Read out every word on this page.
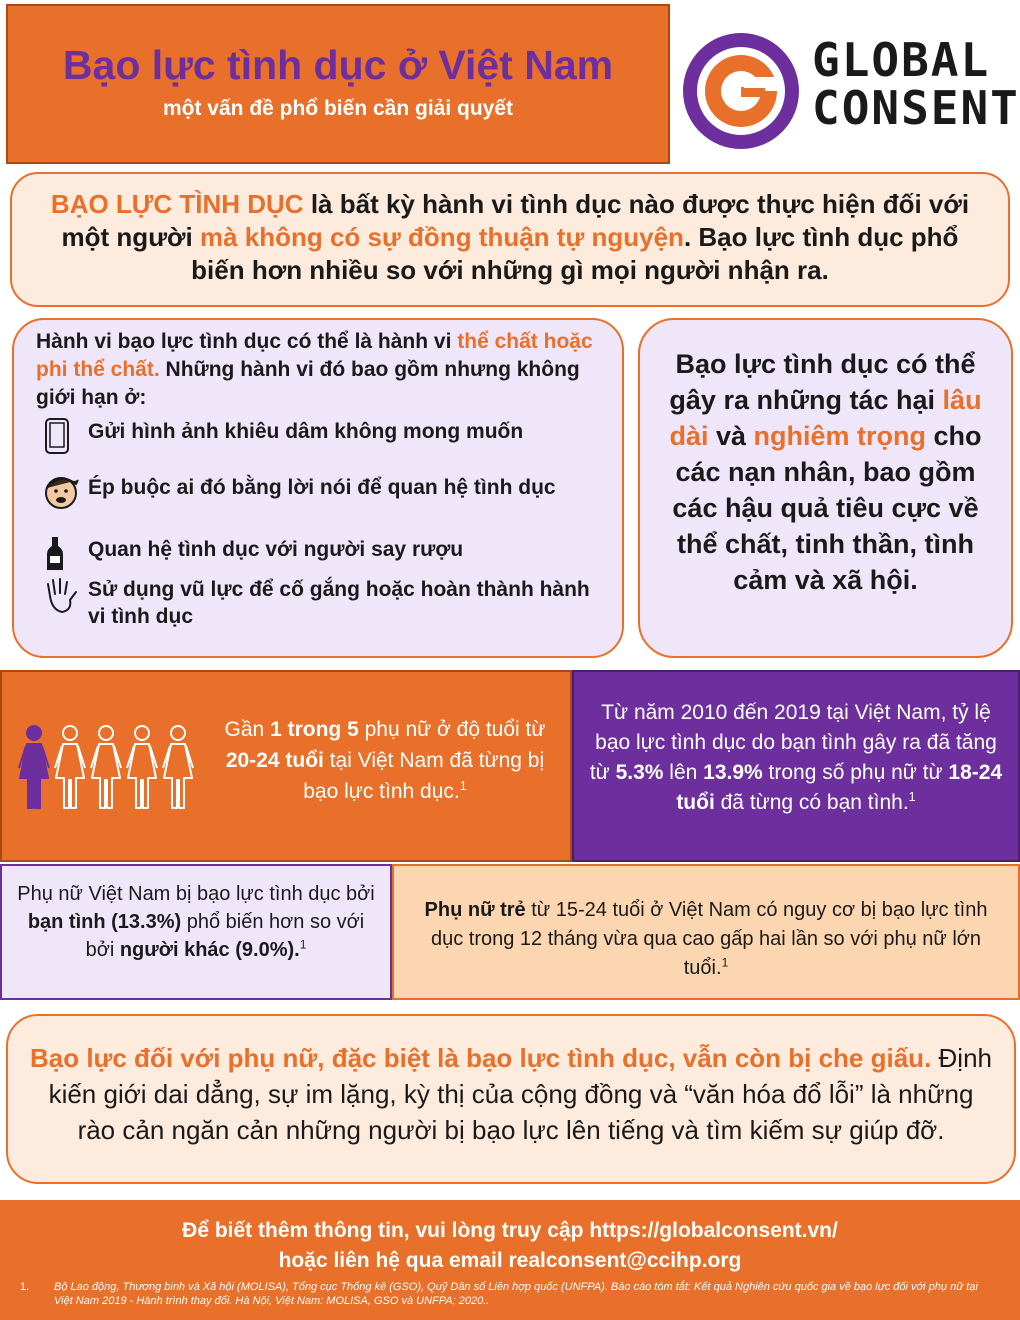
Bạo lực tình dục ở Việt Nam
một vấn đề phổ biến cần giải quyết
GLOBAL
CONSENT
BẠO LỰC TÌNH DỤC là bất kỳ hành vi tình dục nào được thực hiện đối với một người mà không có sự đồng thuận tự nguyện. Bạo lực tình dục phổ biến hơn nhiều so với những gì mọi người nhận ra.
Hành vi bạo lực tình dục có thể là hành vi thể chất hoặc phi thể chất. Những hành vi đó bao gồm nhưng không giới hạn ở:
Gửi hình ảnh khiêu dâm không mong muốn
Ép buộc ai đó bằng lời nói để quan hệ tình dục
Quan hệ tình dục với người say rượu
Sử dụng vũ lực để cố gắng hoặc hoàn thành hành vi tình dục
Bạo lực tình dục có thể gây ra những tác hại lâu dài và nghiêm trọng cho các nạn nhân, bao gồm các hậu quả tiêu cực về thể chất, tinh thần, tình cảm và xã hội.
Gần 1 trong 5 phụ nữ ở độ tuổi từ 20-24 tuổi tại Việt Nam đã từng bị bạo lực tình dục.$^1$
Từ năm 2010 đến 2019 tại Việt Nam, tỷ lệ bạo lực tình dục do bạn tình gây ra đã tăng từ 5.3% lên 13.9% trong số phụ nữ từ 18-24 tuổi đã từng có bạn tình.$^1$
Phụ nữ Việt Nam bị bạo lực tình dục bởi bạn tình (13.3%) phổ biến hơn so với bởi người khác (9.0%).$^1$
Phụ nữ trẻ từ 15-24 tuổi ở Việt Nam có nguy cơ bị bạo lực tình dục trong 12 tháng vừa qua cao gấp hai lần so với phụ nữ lớn tuổi.$^1$
Bạo lực đối với phụ nữ, đặc biệt là bạo lực tình dục, vẫn còn bị che giấu. Định kiến giới dai dẳng, sự im lặng, kỳ thị của cộng đồng và “văn hóa đổ lỗi” là những rào cản ngăn cản những người bị bạo lực lên tiếng và tìm kiếm sự giúp đỡ.
Để biết thêm thông tin, vui lòng truy cập https://globalconsent.vn/
hoặc liên hệ qua email realconsent@ccihp.org
1.	Bộ Lao động, Thương binh và Xã hội (MOLISA), Tổng cục Thống kê (GSO), Quỹ Dân số Liên hợp quốc (UNFPA). Báo cáo tóm tắt: Kết quả Nghiên cứu quốc gia về bạo lực đối với phụ nữ tại Việt Nam 2019 - Hành trình thay đổi. Hà Nội, Việt Nam: MOLISA, GSO và UNFPA; 2020..
